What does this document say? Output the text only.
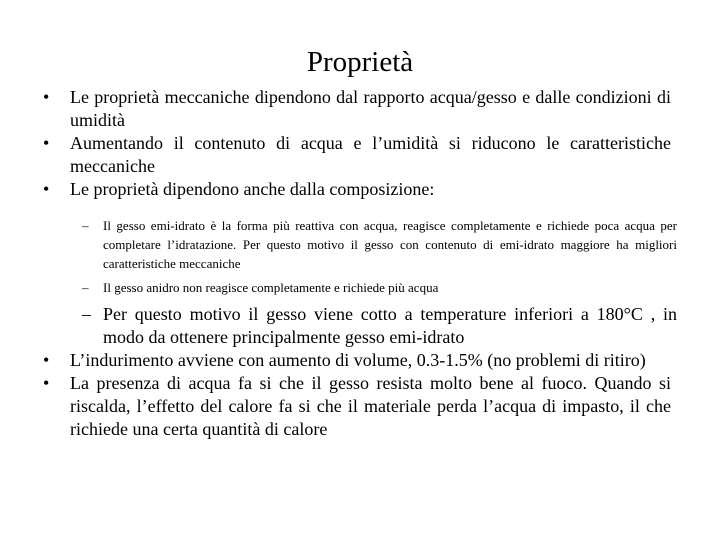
Proprietà
• Le proprietà meccaniche dipendono dal rapporto acqua/gesso e dalle condizioni di umidità
• Aumentando il contenuto di acqua e l’umidità si riducono le caratteristiche meccaniche
• Le proprietà dipendono anche dalla composizione:
– Il gesso emi-idrato è la forma più reattiva con acqua, reagisce completamente e richiede poca acqua per completare l’idratazione. Per questo motivo il gesso con contenuto di emi-idrato maggiore ha migliori caratteristiche meccaniche
– Il gesso anidro non reagisce completamente e richiede più acqua
– Per questo motivo il gesso viene cotto a temperature inferiori a 180°C , in modo da ottenere principalmente gesso emi-idrato
• L’indurimento avviene con aumento di volume, 0.3-1.5% (no problemi di ritiro)
• La presenza di acqua fa si che il gesso resista molto bene al fuoco. Quando si riscalda, l’effetto del calore fa si che il materiale perda l’acqua di impasto, il che richiede una certa quantità di calore
